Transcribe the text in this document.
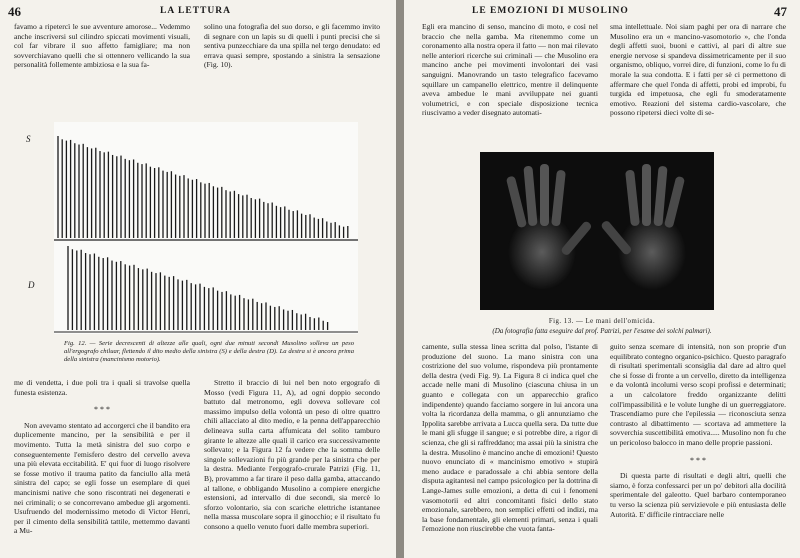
46	LA LETTURA

favamo a ripetercì le sue avventure amorose... Vedemmo anche inscriversi sul cilindro spiccati movimenti visuali, col far vibrare il suo affetto famigliare; ma non sovverchiavano quelli che si ottennero vellicando la sua personalità follemente ambiziosa e la sua fa-

solino una fotografia del suo dorso, e gli facemmo invito di segnare con un lapis su di quelli i punti precisi che si sentiva punzecchiare da una spilla nel tergo denudato: ed errava quasi sempre, spostando a sinistra la sensazione (Fig. 10).

S
D
Fig. 12. — Serie decrescenti di altezze alle quali, ogni due minuti secondi Musolino solleva un peso all'ergografo chiluar, flettendo il dito medio della sinistra (S) e della destra (D). La destra si è ancora prima della sinistra (mancinismo motorio).

me di vendetta, i due poli tra i quali si travolse quella funesta esistenza.

* * *

Non avevamo stentato ad accorgerci che il bandito era duplicemente mancino, per la sensibilità e per il movimento. Tutta la metà sinistra del suo corpo e conseguentemente l'emisfero destro del cervello aveva una più elevata eccitabilità. E' qui fuor di luogo risolvere se fosse motivo il trauma patito da fanciullo alla metà sinistra del capo; se egli fosse un esemplare di quei mancinismi native che sono riscontrati nei degenerati e nei criminali; o se concorrevano ambedue gli argomenti. Usufruendo del modernissimo metodo di Victor Henri, per il cimento della sensibilità tattile, mettemmo davanti a Mu-

Stretto il braccio di lui nel ben noto ergografo di Mosso (vedi Figura 11, A), ad ogni doppio secondo battuto dal metronomo, egli doveva sollevare col massimo impulso della volontà un peso di oltre quattro chili allacciato al dito medio, e la penna dell'apparecchio delineava sulla carta affumicata del solito tamburo girante le altezze alle quali il carico era successivamente sollevato; e la Figura 12 fa vedere che la somma delle singole sollevazioni fu più grande per la sinistra che per la destra. Mediante l'ergografo-crurale Patrizi (Fig. 11, B), provammo a far tirare il peso dalla gamba, attaccando al tallone, e obbligando Musolino a compiere energiche estensioni, ad intervallo di due secondi, sia mercè lo sforzo volontario, sia con scariche elettriche istantanee nella massa muscolare sopra il ginocchio; e il risultato fu consono a quello venuto fuori dalle membra superiori.

LE EMOZIONI DI MUSOLINO	47

Egli era mancino di senso, mancino di moto, e così nel braccio che nella gamba. Ma ritenemmo come un coronamento alla nostra opera il fatto — non mai rilevato nelle anteriori ricerche sui criminali — che Musolino era mancino anche pei movimenti involontari dei vasi sanguigni. Manovrando un tasto telegrafico facevamo squillare un campanello elettrico, mentre il delinquente aveva ambedue le mani avviluppate nei guanti volumetrici, e con speciale disposizione tecnica riuscivamo a veder disegnato automati-

sma intellettuale. Noi siam paghi per ora di narrare che Musolino era un « mancino-vasomotorio », che l'onda degli affetti suoi, buoni e cattivi, al pari di altre sue energie nervose si spandeva dissimetricamente per il suo organismo, obliquo, vorrei dire, di funzioni, come lo fu di morale la sua condotta. E i fatti per sè ci permettono di affermare che quel l'onda di affetti, probi ed improbi, fu turgida ed impetuosa, che egli fu smoderatamente emotivo. Reazioni del sistema cardio-vascolare, che possono ripetersi dieci volte di se-

Fig. 13. — Le mani dell'omicida.
(Da fotografia fatta eseguire dal prof. Patrizi, per l'esame dei solchi palmari).

camente, sulla stessa linea scritta dal polso, l'istante di produzione del suono. La mano sinistra con una costrizione del suo volume, rispondeva più prontamente della destra (vedi Fig. 9). La Figura 8 ci indica quel che accade nelle mani di Musolino (ciascuna chiusa in un guanto e collegata con un apparecchio grafico indipendente) quando facciamo sorgere in lui ancora una volta la ricordanza della mamma, o gli annunziamo che Ippolita sarebbe arrivata a Lucca quella sera. Da tutte due le mani gli sfugge il sangue; e si potrebbe dire, a rigor di scienza, che gli si raffreddano; ma assai più la sinistra che la destra. Musolino è mancino anche di emozioni! Questo nuovo enunciato di « mancinismo emotivo » stupirà meno audace e paradossale a chi abbia sentore della disputa agitantesi nel campo psicologico per la dottrina di Lange-James sulle emozioni, a detta di cui i fenomeni vasomotorii ed altri concomitanti fisici dello stato emozionale, sarebbero, non semplici effetti od indizi, ma la base fondamentale, gli elementi primari, senza i quali l'emozione non riuscirebbe che vuota fanta-

guito senza scemare di intensità, non son proprie d'un equilibrato contegno organico-psichico. Questo paragrafo di risultati sperimentali sconsiglia dal dare ad altro quel che si fosse di fronte a un cervello, diretto da intelligenza e da volontà incolumi verso scopi profissi e determinati; a un calcolatore freddo organizzante delitti coll'impassibilità e le volute lunghe di un guerreggiatore. Trascendiamo pure che l'epilessia — riconosciuta senza contrasto al dibattimento — scortava ad ammettere la sovverchia suscettibilità emotiva..... Musolino non fu che un pericoloso balocco in mano delle proprie passioni.

* * *

Di questa parte di risultati e degli altri, quelli che siamo, è forza confessarci per un po' debitori alla docilità sperimentale del galeotto. Quel barbaro contemporaneo tu verso la scienza più servizievole e più entusiasta delle Autorità. E' difficile rintracciare nelle
